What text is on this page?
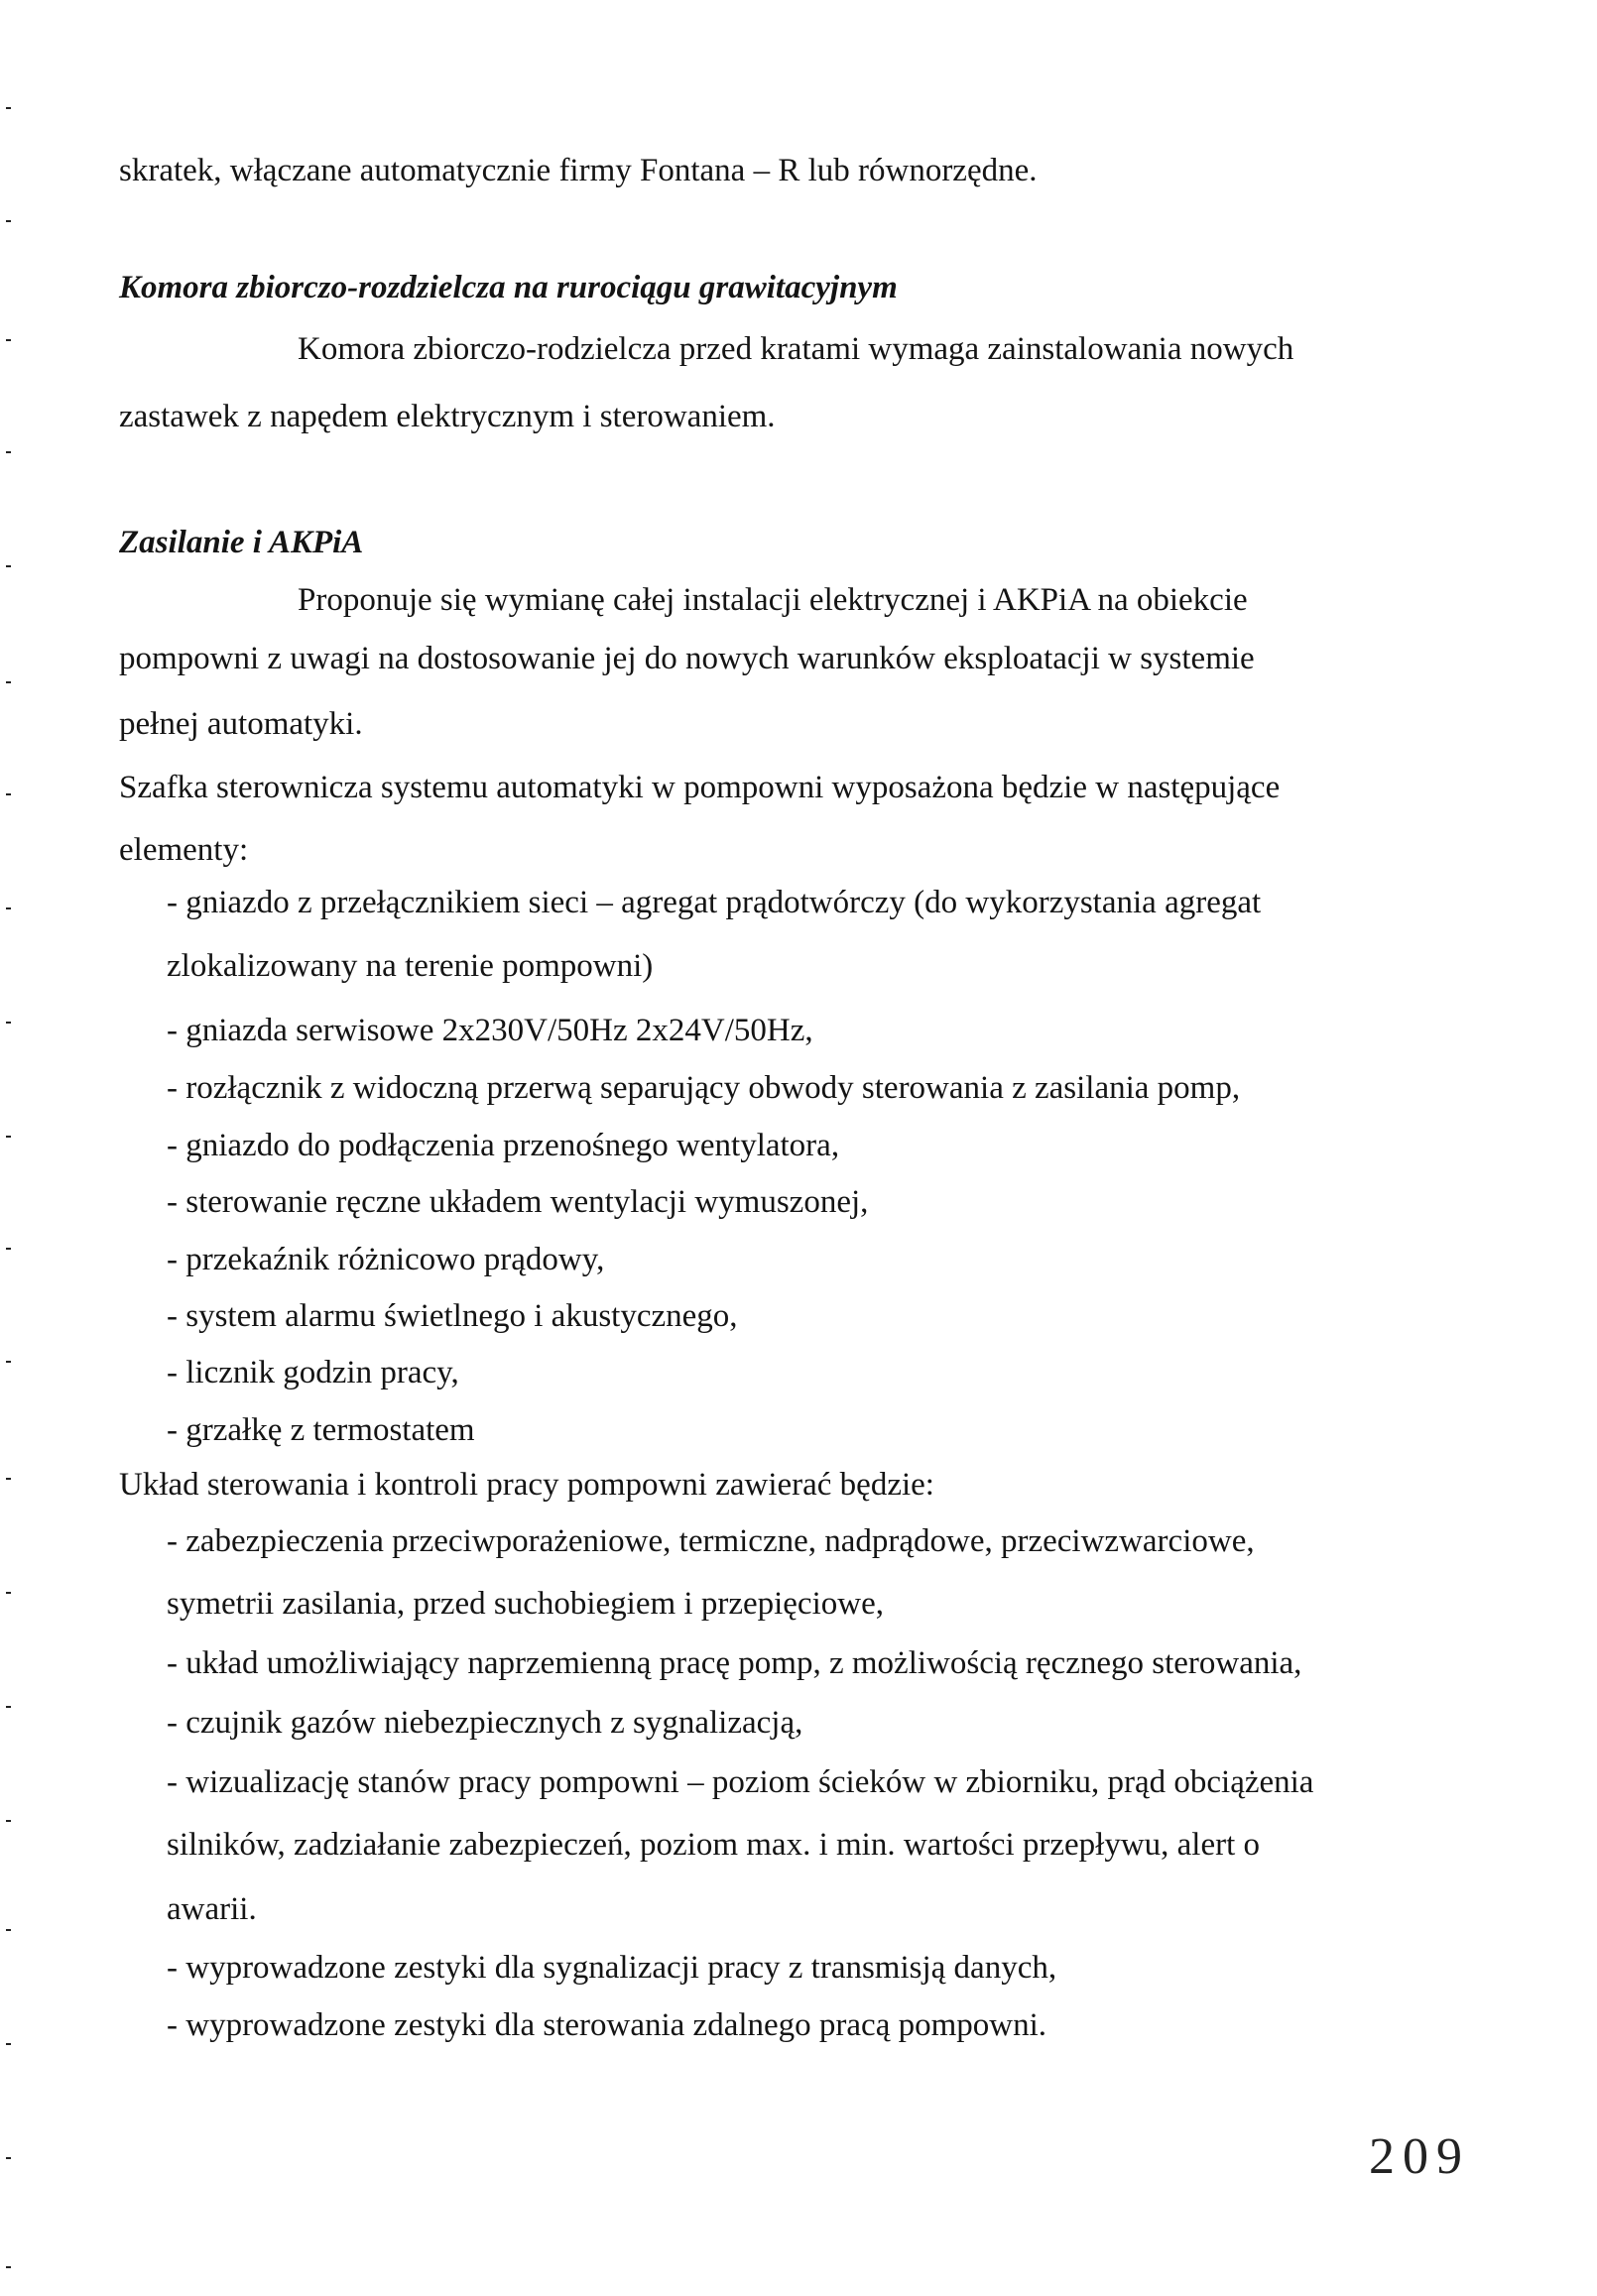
skratek, włączane automatycznie firmy Fontana – R lub równorzędne.
Komora zbiorczo-rozdzielcza na rurociągu grawitacyjnym
Komora zbiorczo-rodzielcza przed kratami wymaga zainstalowania nowych
zastawek z napędem elektrycznym i sterowaniem.
Zasilanie i AKPiA
Proponuje się wymianę całej instalacji elektrycznej i AKPiA na obiekcie
pompowni z uwagi na dostosowanie jej do nowych warunków eksploatacji w systemie
pełnej automatyki.
Szafka sterownicza systemu automatyki w pompowni wyposażona będzie w następujące
elementy:
- gniazdo z przełącznikiem sieci – agregat prądotwórczy (do wykorzystania agregat
zlokalizowany na terenie pompowni)
- gniazda serwisowe 2x230V/50Hz 2x24V/50Hz,
- rozłącznik z widoczną przerwą separujący obwody sterowania z zasilania pomp,
- gniazdo do podłączenia przenośnego wentylatora,
- sterowanie ręczne układem wentylacji wymuszonej,
- przekaźnik różnicowo prądowy,
- system alarmu świetlnego i akustycznego,
- licznik godzin pracy,
- grzałkę z termostatem
Układ sterowania i kontroli pracy pompowni zawierać będzie:
- zabezpieczenia przeciwporażeniowe, termiczne, nadprądowe, przeciwzwarciowe,
symetrii zasilania, przed suchobiegiem i przepięciowe,
- układ umożliwiający naprzemienną pracę pomp, z możliwością ręcznego sterowania,
- czujnik gazów niebezpiecznych z sygnalizacją,
- wizualizację stanów pracy pompowni – poziom ścieków w zbiorniku, prąd obciążenia
silników, zadziałanie zabezpieczeń, poziom max. i min. wartości przepływu, alert o
awarii.
- wyprowadzone zestyki dla sygnalizacji pracy z transmisją danych,
- wyprowadzone zestyki dla sterowania zdalnego pracą pompowni.
209
